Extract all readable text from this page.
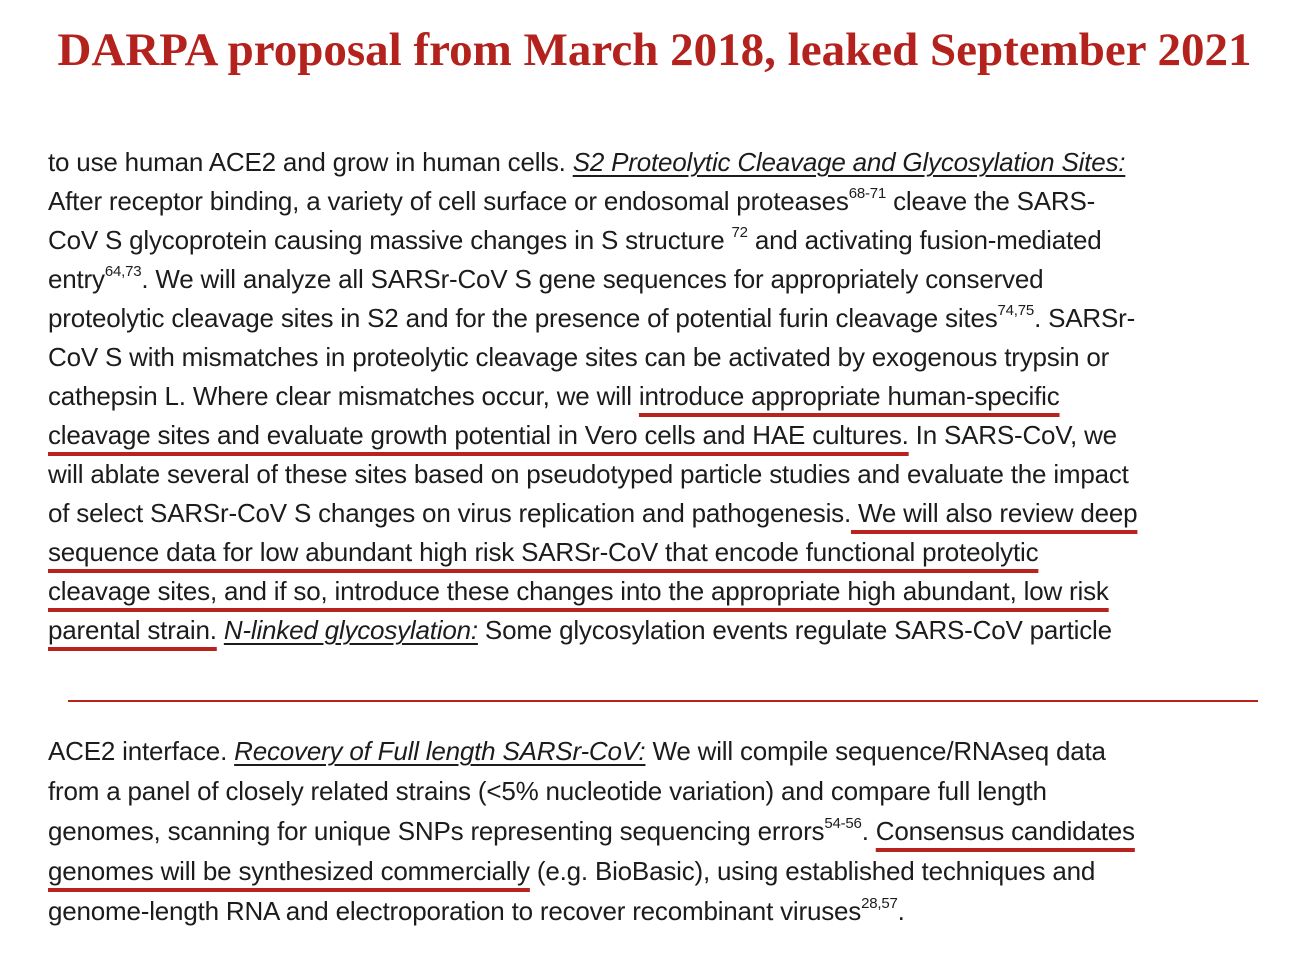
DARPA proposal from March 2018, leaked September 2021
to use human ACE2 and grow in human cells. S2 Proteolytic Cleavage and Glycosylation Sites:
After receptor binding, a variety of cell surface or endosomal proteases$^{68-71}$ cleave the SARS-
CoV S glycoprotein causing massive changes in S structure $^{72}$ and activating fusion-mediated
entry$^{64,73}$. We will analyze all SARSr-CoV S gene sequences for appropriately conserved
proteolytic cleavage sites in S2 and for the presence of potential furin cleavage sites$^{74,75}$. SARSr-
CoV S with mismatches in proteolytic cleavage sites can be activated by exogenous trypsin or
cathepsin L. Where clear mismatches occur, we will introduce appropriate human-specific
cleavage sites and evaluate growth potential in Vero cells and HAE cultures. In SARS-CoV, we
will ablate several of these sites based on pseudotyped particle studies and evaluate the impact
of select SARSr-CoV S changes on virus replication and pathogenesis. We will also review deep
sequence data for low abundant high risk SARSr-CoV that encode functional proteolytic
cleavage sites, and if so, introduce these changes into the appropriate high abundant, low risk
parental strain. N-linked glycosylation: Some glycosylation events regulate SARS-CoV particle
ACE2 interface. Recovery of Full length SARSr-CoV: We will compile sequence/RNAseq data
from a panel of closely related strains (<5% nucleotide variation) and compare full length
genomes, scanning for unique SNPs representing sequencing errors$^{54-56}$. Consensus candidates
genomes will be synthesized commercially (e.g. BioBasic), using established techniques and
genome-length RNA and electroporation to recover recombinant viruses$^{28,57}$.
